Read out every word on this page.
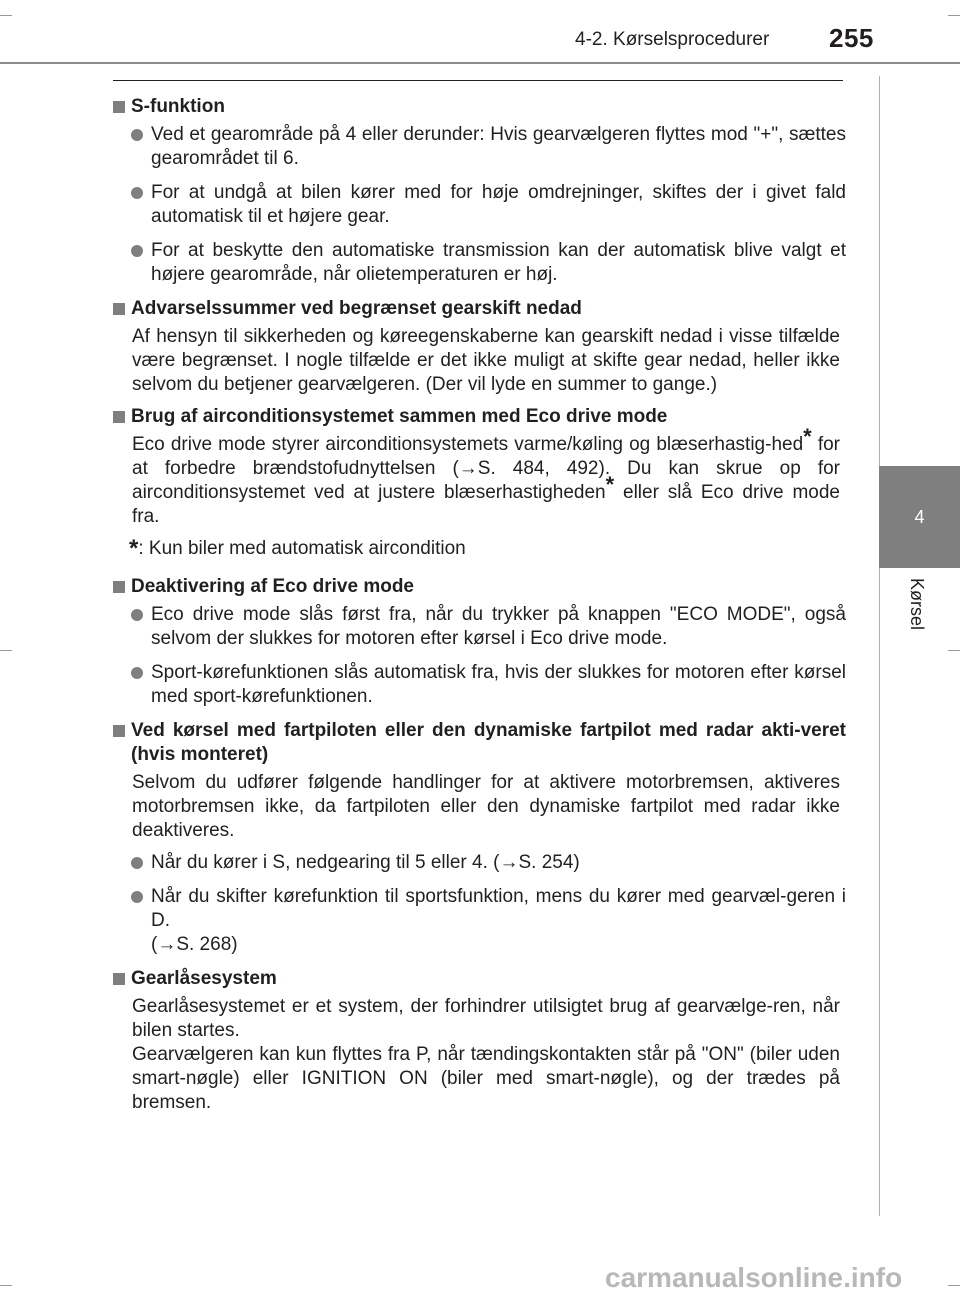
4-2. Kørselsprocedurer 255
4
Kørsel
S-funktion
Ved et gearområde på 4 eller derunder: Hvis gearvælgeren flyttes mod "+", sættes gearområdet til 6.
For at undgå at bilen kører med for høje omdrejninger, skiftes der i givet fald automatisk til et højere gear.
For at beskytte den automatiske transmission kan der automatisk blive valgt et højere gearområde, når olietemperaturen er høj.
Advarselssummer ved begrænset gearskift nedad
Af hensyn til sikkerheden og køreegenskaberne kan gearskift nedad i visse tilfælde være begrænset. I nogle tilfælde er det ikke muligt at skifte gear nedad, heller ikke selvom du betjener gearvælgeren. (Der vil lyde en summer to gange.)
Brug af airconditionsystemet sammen med Eco drive mode
Eco drive mode styrer airconditionsystemets varme/køling og blæserhastig-hed* for at forbedre brændstofudnyttelsen (→S. 484, 492). Du kan skrue op for airconditionsystemet ved at justere blæserhastigheden* eller slå Eco drive mode fra.
*: Kun biler med automatisk aircondition
Deaktivering af Eco drive mode
Eco drive mode slås først fra, når du trykker på knappen "ECO MODE", også selvom der slukkes for motoren efter kørsel i Eco drive mode.
Sport-kørefunktionen slås automatisk fra, hvis der slukkes for motoren efter kørsel med sport-kørefunktionen.
Ved kørsel med fartpiloten eller den dynamiske fartpilot med radar akti-veret (hvis monteret)
Selvom du udfører følgende handlinger for at aktivere motorbremsen, aktiveres motorbremsen ikke, da fartpiloten eller den dynamiske fartpilot med radar ikke deaktiveres.
Når du kører i S, nedgearing til 5 eller 4. (→S. 254)
Når du skifter kørefunktion til sportsfunktion, mens du kører med gearvæl-geren i D.
(→S. 268)
Gearlåsesystem
Gearlåsesystemet er et system, der forhindrer utilsigtet brug af gearvælge-ren, når bilen startes.
Gearvælgeren kan kun flyttes fra P, når tændingskontakten står på "ON" (biler uden smart-nøgle) eller IGNITION ON (biler med smart-nøgle), og der trædes på bremsen.
carmanualsonline.info
